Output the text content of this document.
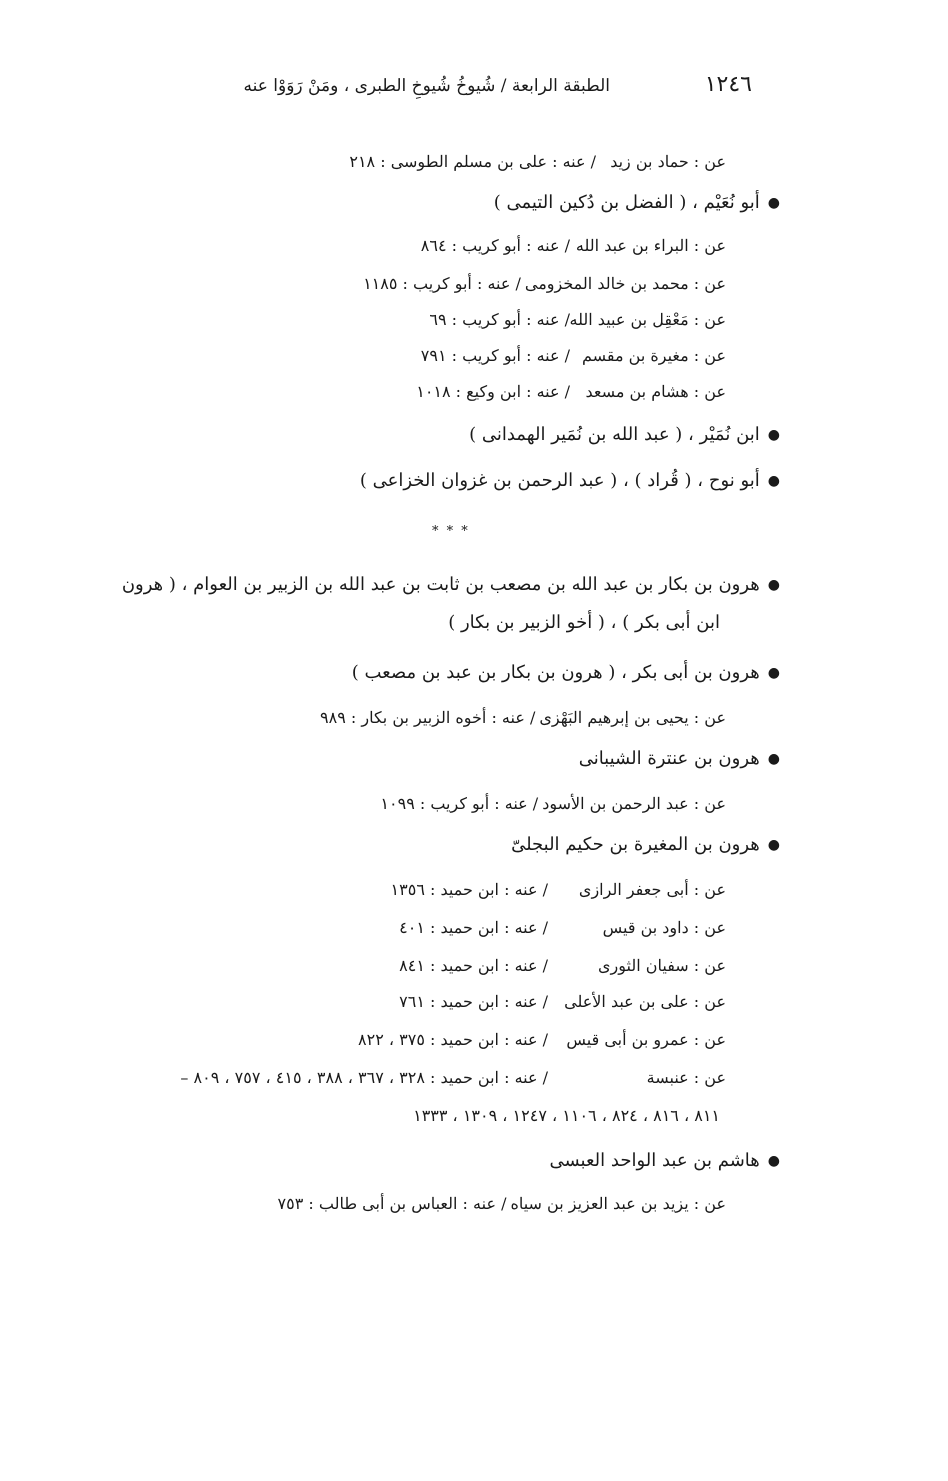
١٢٤٦
الطبقة الرابعة / شُيوخُ شُيوخِ الطبرى ، ومَنْ رَوَوْا عنه
عن : حماد بن زيد/ عنه : على بن مسلم الطوسى : ٢١٨
●أبو نُعَيْم ، ( الفضل بن دُكين التيمى )
عن : البراء بن عبد الله/ عنه : أبو كريب : ٨٦٤
عن : محمد بن خالد المخزومى/ عنه : أبو كريب : ١١٨٥
عن : مَعْقِل بن عبيد الله/ عنه : أبو كريب : ٦٩
عن : مغيرة بن مقسم/ عنه : أبو كريب : ٧٩١
عن : هشام بن مسعد/ عنه : ابن وكيع : ١٠١٨
●ابن نُمَيْر ، ( عبد الله بن نُمَير الهمدانى )
●أبو نوح ، ( قُراد ) ، ( عبد الرحمن بن غزوان الخزاعى )
* * *
●هرون بن بكار بن عبد الله بن مصعب بن ثابت بن عبد الله بن الزبير بن العوام ، ( هرون
ابن أبى بكر ) ، ( أخو الزبير بن بكار )
●هرون بن أبى بكر ، ( هرون بن بكار بن عبد بن مصعب )
عن : يحيى بن إبرهيم البَهْزى/ عنه : أخوه الزبير بن بكار : ٩٨٩
●هرون بن عنترة الشيبانى
عن : عبد الرحمن بن الأسود/ عنه : أبو كريب : ١٠٩٩
●هرون بن المغيرة بن حكيم البجلىّ
عن : أبى جعفر الرازى/ عنه : ابن حميد : ١٣٥٦
عن : داود بن قيس/ عنه : ابن حميد : ٤٠١
عن : سفيان الثورى/ عنه : ابن حميد : ٨٤١
عن : على بن عبد الأعلى/ عنه : ابن حميد : ٧٦١
عن : عمرو بن أبى قيس/ عنه : ابن حميد : ٣٧٥ ، ٨٢٢
عن : عنبسة/ عنه : ابن حميد : ٣٢٨ ، ٣٦٧ ، ٣٨٨ ، ٤١٥ ، ٧٥٧ ، ٨٠٩ –
٨١١ ، ٨١٦ ، ٨٢٤ ، ١١٠٦ ، ١٢٤٧ ، ١٣٠٩ ، ١٣٣٣
●هاشم بن عبد الواحد العبسى
عن : يزيد بن عبد العزيز بن سياه/ عنه : العباس بن أبى طالب : ٧٥٣
